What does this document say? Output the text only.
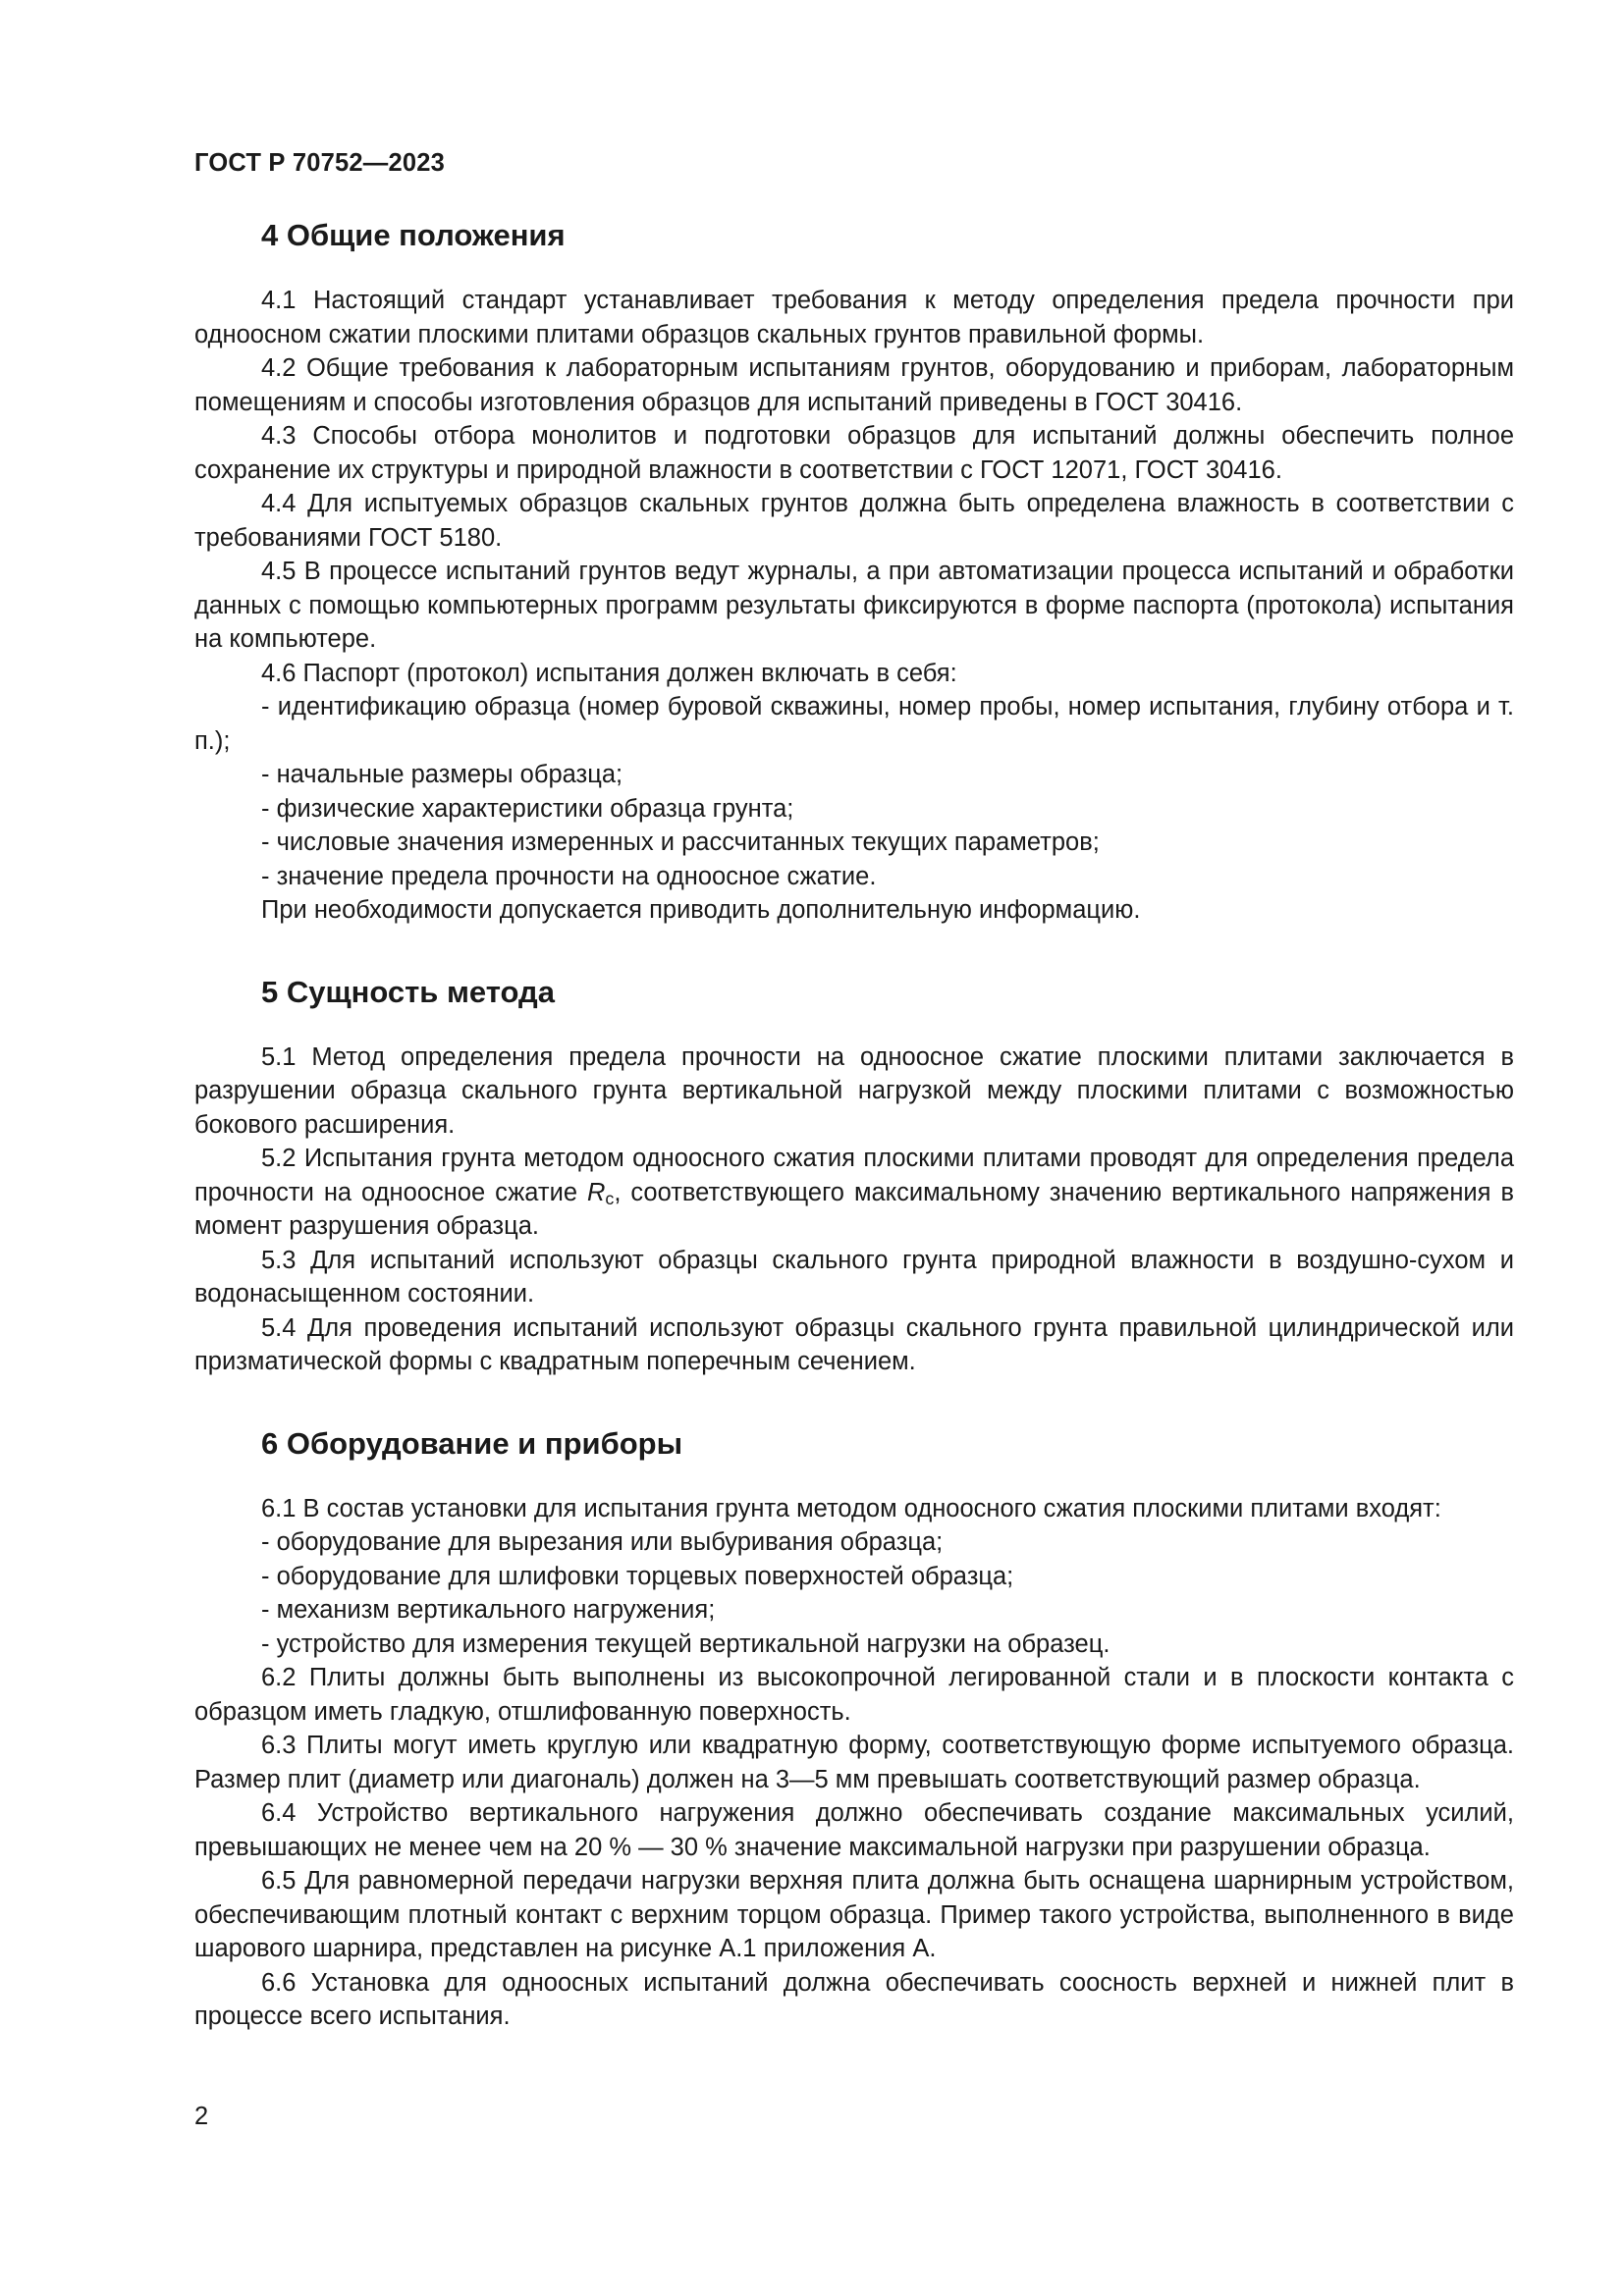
ГОСТ Р 70752—2023
4 Общие положения

4.1 Настоящий стандарт устанавливает требования к методу определения предела прочности при одноосном сжатии плоскими плитами образцов скальных грунтов правильной формы.

4.2 Общие требования к лабораторным испытаниям грунтов, оборудованию и приборам, лабораторным помещениям и способы изготовления образцов для испытаний приведены в ГОСТ 30416.

4.3 Способы отбора монолитов и подготовки образцов для испытаний должны обеспечить полное сохранение их структуры и природной влажности в соответствии с ГОСТ 12071, ГОСТ 30416.

4.4 Для испытуемых образцов скальных грунтов должна быть определена влажность в соответствии с требованиями ГОСТ 5180.

4.5 В процессе испытаний грунтов ведут журналы, а при автоматизации процесса испытаний и обработки данных с помощью компьютерных программ результаты фиксируются в форме паспорта (протокола) испытания на компьютере.

4.6 Паспорт (протокол) испытания должен включать в себя:

- идентификацию образца (номер буровой скважины, номер пробы, номер испытания, глубину отбора и т. п.);

- начальные размеры образца;

- физические характеристики образца грунта;

- числовые значения измеренных и рассчитанных текущих параметров;

- значение предела прочности на одноосное сжатие.

При необходимости допускается приводить дополнительную информацию.

5 Сущность метода

5.1 Метод определения предела прочности на одноосное сжатие плоскими плитами заключается в разрушении образца скального грунта вертикальной нагрузкой между плоскими плитами с возможностью бокового расширения.

5.2 Испытания грунта методом одноосного сжатия плоскими плитами проводят для определения предела прочности на одноосное сжатие $R_c$, соответствующего максимальному значению вертикального напряжения в момент разрушения образца.

5.3 Для испытаний используют образцы скального грунта природной влажности в воздушно-сухом и водонасыщенном состоянии.

5.4 Для проведения испытаний используют образцы скального грунта правильной цилиндрической или призматической формы с квадратным поперечным сечением.

6 Оборудование и приборы

6.1 В состав установки для испытания грунта методом одноосного сжатия плоскими плитами входят:

- оборудование для вырезания или выбуривания образца;

- оборудование для шлифовки торцевых поверхностей образца;

- механизм вертикального нагружения;

- устройство для измерения текущей вертикальной нагрузки на образец.

6.2 Плиты должны быть выполнены из высокопрочной легированной стали и в плоскости контакта с образцом иметь гладкую, отшлифованную поверхность.

6.3 Плиты могут иметь круглую или квадратную форму, соответствующую форме испытуемого образца. Размер плит (диаметр или диагональ) должен на 3—5 мм превышать соответствующий размер образца.

6.4 Устройство вертикального нагружения должно обеспечивать создание максимальных усилий, превышающих не менее чем на 20 % — 30 % значение максимальной нагрузки при разрушении образца.

6.5 Для равномерной передачи нагрузки верхняя плита должна быть оснащена шарнирным устройством, обеспечивающим плотный контакт с верхним торцом образца. Пример такого устройства, выполненного в виде шарового шарнира, представлен на рисунке А.1 приложения А.

6.6 Установка для одноосных испытаний должна обеспечивать соосность верхней и нижней плит в процессе всего испытания.

2
